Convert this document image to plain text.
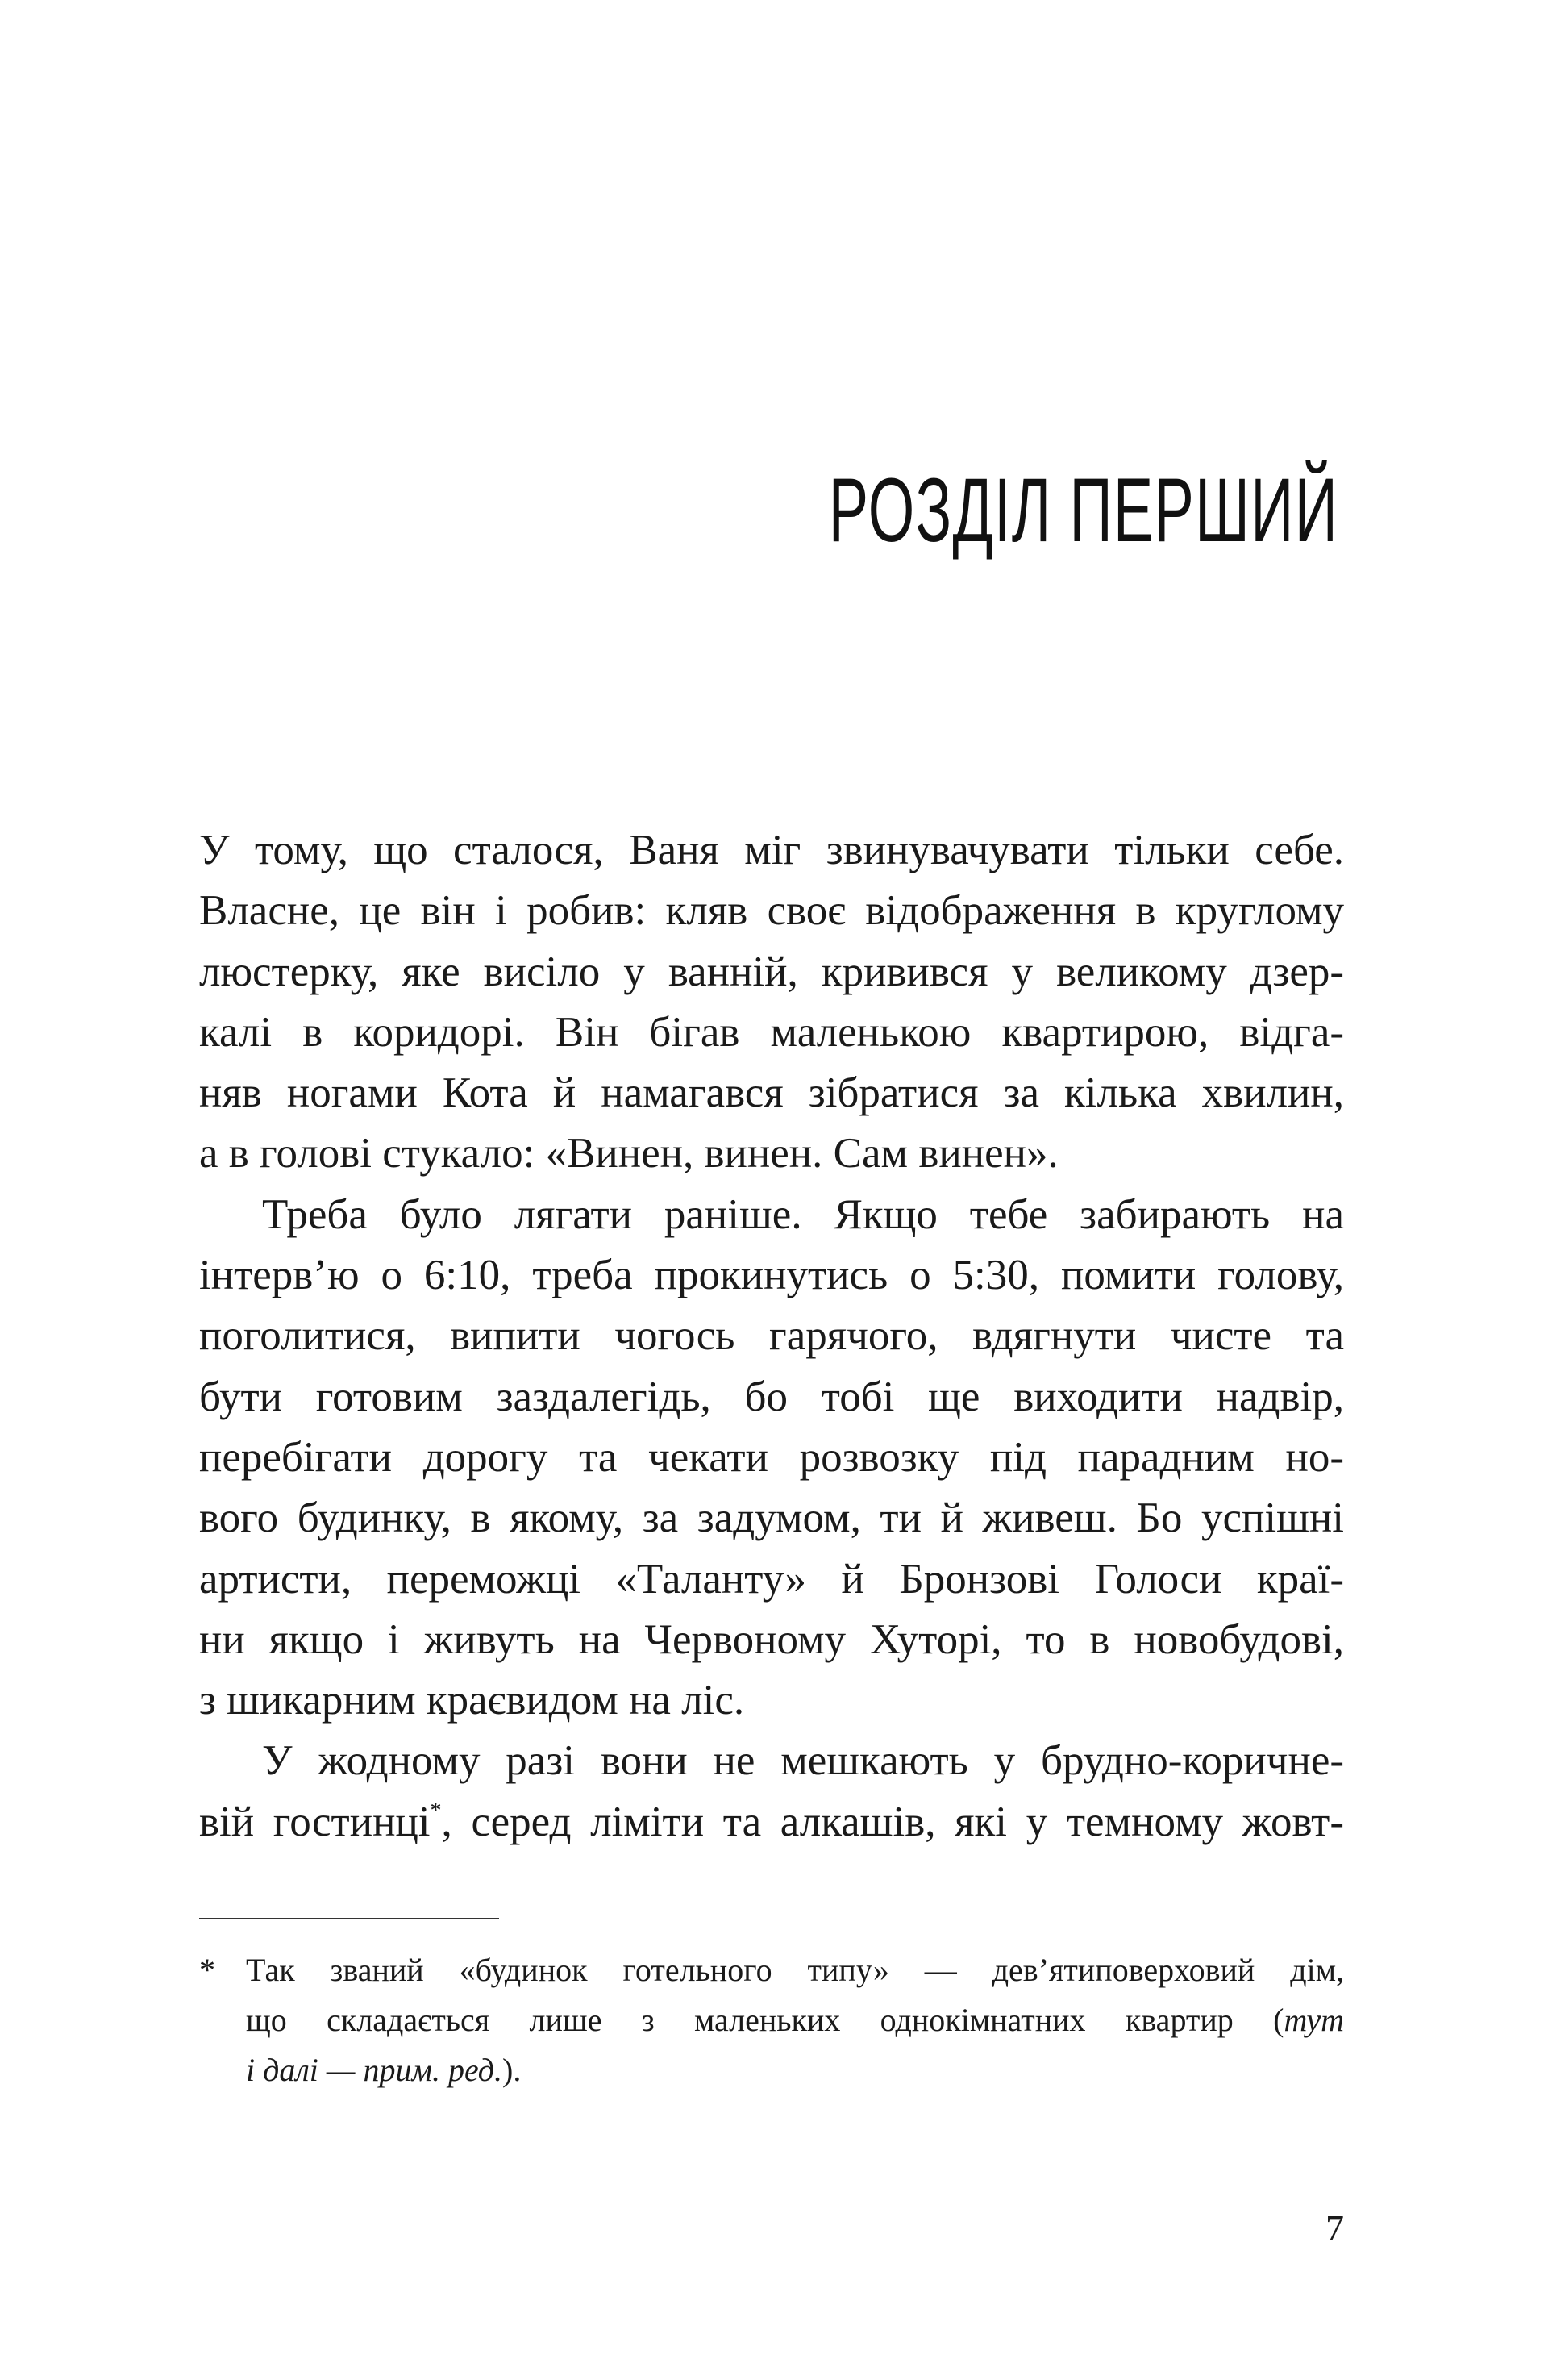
РОЗДІЛ ПЕРШИЙ
У тому, що сталося, Ваня міг звинувачувати тільки себе.
Власне, це він і робив: кляв своє відображення в круглому
люстерку, яке висіло у ванній, кривився у великому дзер-
калі в коридорі. Він бігав маленькою квартирою, відга-
няв ногами Кота й намагався зібратися за кілька хвилин,
а в голові стукало: «Винен, винен. Сам винен».
Треба було лягати раніше. Якщо тебе забирають на
інтерв’ю о 6:10, треба прокинутись о 5:30, помити голову,
поголитися, випити чогось гарячого, вдягнути чисте та
бути готовим заздалегідь, бо тобі ще виходити надвір,
перебігати дорогу та чекати розвозку під парадним но-
вого будинку, в якому, за задумом, ти й живеш. Бо успішні
артисти, переможці «Таланту» й Бронзові Голоси краї-
ни якщо і живуть на Червоному Хуторі, то в новобудові,
з шикарним краєвидом на ліс.
У жодному разі вони не мешкають у брудно-коричне-
вій гостинці*, серед ліміти та алкашів, які у темному жовт-
* Так званий «будинок готельного типу» — дев’ятиповерховий дім,
що складається лише з маленьких однокімнатних квартир (тут
і далі — прим. ред.).
7
